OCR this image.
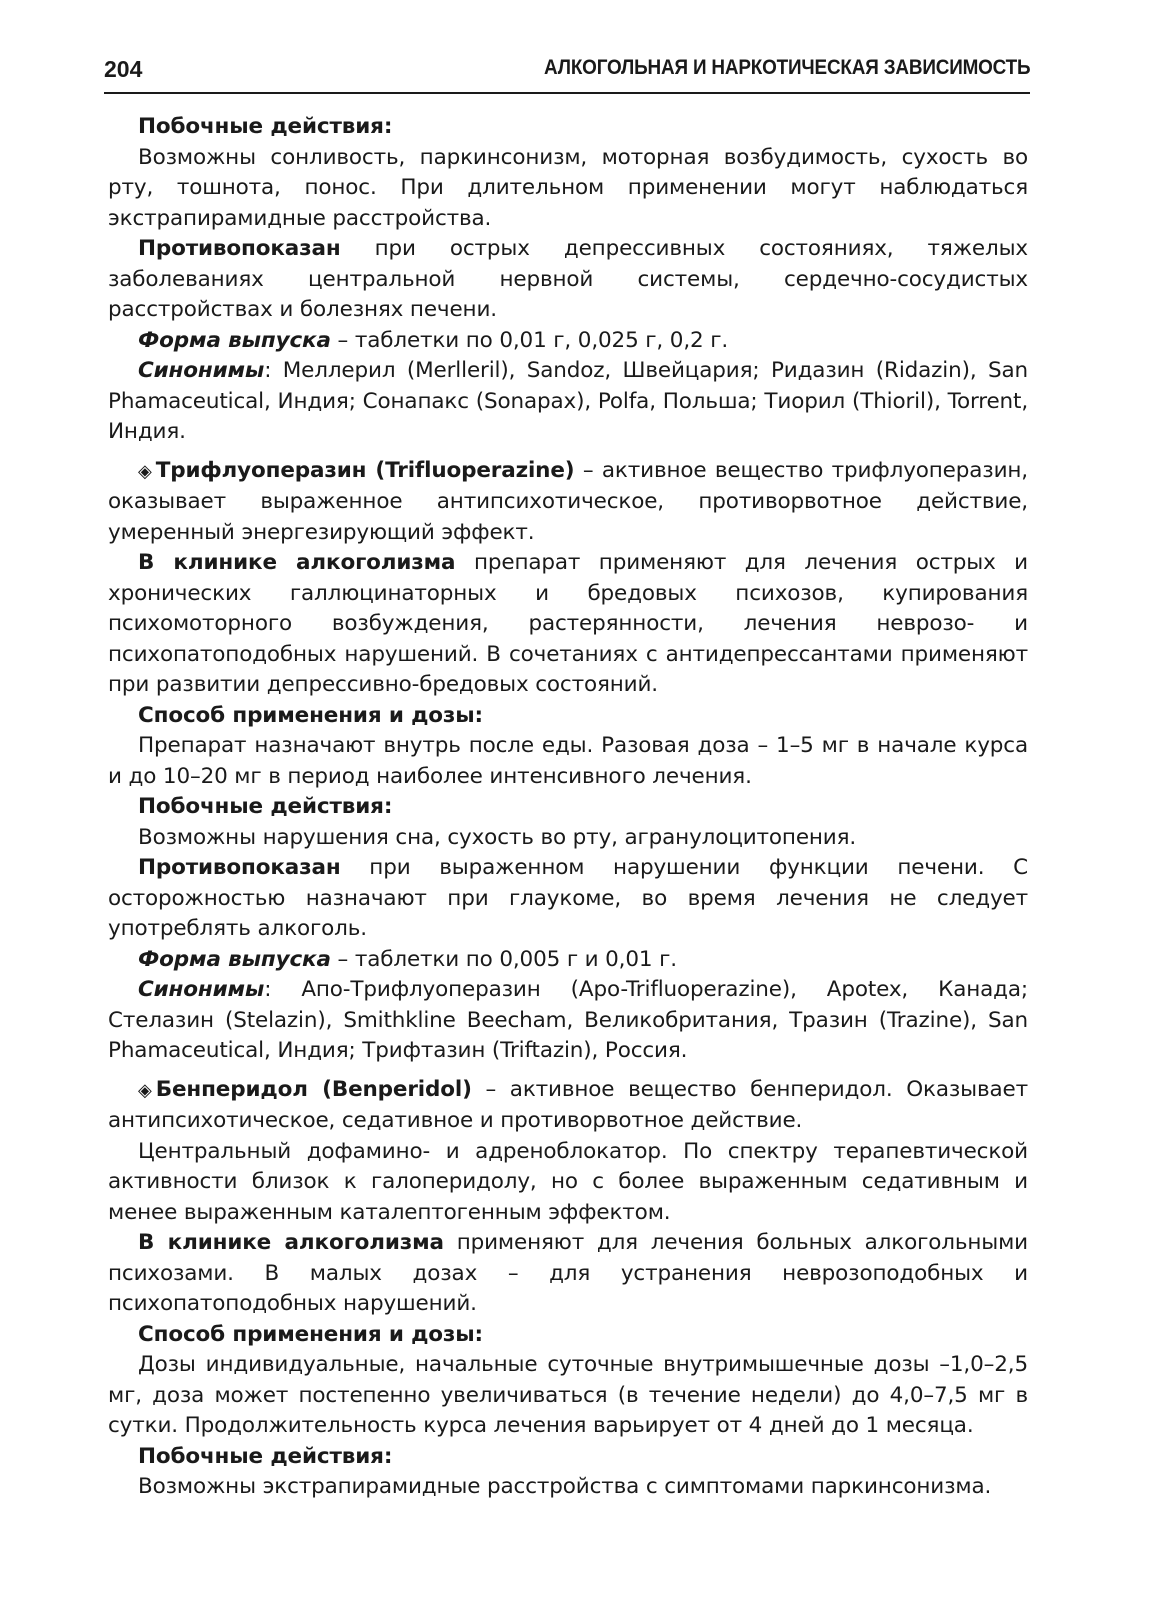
204	АЛКОГОЛЬНАЯ И НАРКОТИЧЕСКАЯ ЗАВИСИМОСТЬ

Побочные действия:

Возможны сонливость, паркинсонизм, моторная возбудимость, сухость во рту, тошнота, понос. При длительном применении могут наблюдаться экстрапирамидные расстройства.

Противопоказан при острых депрессивных состояниях, тяжелых заболеваниях центральной нервной системы, сердечно-сосудистых расстройствах и болезнях печени.

Форма выпуска – таблетки по 0,01 г, 0,025 г, 0,2 г.

Синонимы: Меллерил (Merlleril), Sandoz, Швейцария; Ридазин (Ridazin), San Phamaceutical, Индия; Сонапакс (Sonapax), Polfa, Польша; Тиорил (Thioril), Torrent, Индия.

◈ Трифлуоперазин (Trifluoperazine) – активное вещество трифлуоперазин, оказывает выраженное антипсихотическое, противорвотное действие, умеренный энергезирующий эффект.

В клинике алкоголизма препарат применяют для лечения острых и хронических галлюцинаторных и бредовых психозов, купирования психомоторного возбуждения, растерянности, лечения неврозо- и психопатоподобных нарушений. В сочетаниях с антидепрессантами применяют при развитии депрессивно-бредовых состояний.

Способ применения и дозы:

Препарат назначают внутрь после еды. Разовая доза – 1–5 мг в начале курса и до 10–20 мг в период наиболее интенсивного лечения.

Побочные действия:

Возможны нарушения сна, сухость во рту, агранулоцитопения.

Противопоказан при выраженном нарушении функции печени. С осторожностью назначают при глаукоме, во время лечения не следует употреблять алкоголь.

Форма выпуска – таблетки по 0,005 г и 0,01 г.

Синонимы: Апо-Трифлуоперазин (Apo-Trifluoperazine), Apotex, Канада; Стелазин (Stelazin), Smithkline Beecham, Великобритания, Тразин (Trazine), San Phamaceutical, Индия; Трифтазин (Triftazin), Россия.

◈ Бенперидол (Benperidol) – активное вещество бенперидол. Оказывает антипсихотическое, седативное и противорвотное действие.

Центральный дофамино- и адреноблокатор. По спектру терапевтической активности близок к галоперидолу, но с более выраженным седативным и менее выраженным каталептогенным эффектом.

В клинике алкоголизма применяют для лечения больных алкогольными психозами. В малых дозах – для устранения неврозоподобных и психопатоподобных нарушений.

Способ применения и дозы:

Дозы индивидуальные, начальные суточные внутримышечные дозы –1,0–2,5 мг, доза может постепенно увеличиваться (в течение недели) до 4,0–7,5 мг в сутки. Продолжительность курса лечения варьирует от 4 дней до 1 месяца.

Побочные действия:

Возможны экстрапирамидные расстройства с симптомами паркинсонизма.
